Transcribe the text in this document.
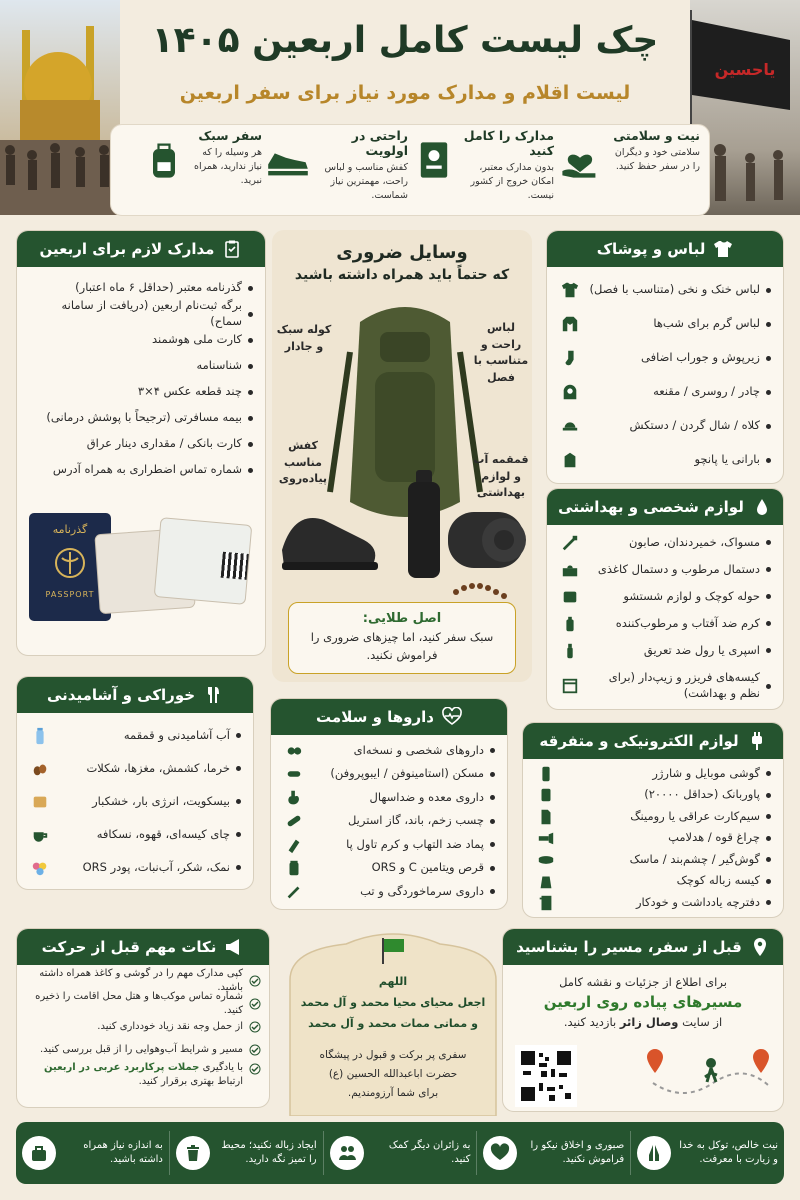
یاحسین
چک لیست کامل اربعین ۱۴۰۵
لیست اقلام و مدارک مورد نیاز برای سفر اربعین
نیت و سلامتی
سلامتی خود و دیگران را در سفر حفظ کنید.
مدارک را کامل کنید
بدون مدارک معتبر، امکان خروج از کشور نیست.
راحتی در اولویت
کفش مناسب و لباس راحت، مهمترین نیاز شماست.
سفر سبک
هر وسیله را که نیاز ندارید، همراه نبرید.
مدارک لازم برای اربعین
گذرنامه معتبر (حداقل ۶ ماه اعتبار)
برگه ثبت‌نام اربعین (دریافت از سامانه سماح)
کارت ملی هوشمند
شناسنامه
چند قطعه عکس ۴×۳
بیمه مسافرتی (ترجیحاً با پوشش درمانی)
کارت بانکی / مقداری دینار عراق
شماره تماس اضطراری به همراه آدرس
گذرنامه
PASSPORT
وسایل ضروری
که حتماً باید همراه داشته باشید
کوله سبک و جادار
لباس راحت و متناسب با فصل
کفش مناسب پیاده‌روی
قمقمه آب و لوازم بهداشتی
اصل طلایی:
سبک سفر کنید، اما چیزهای ضروری را فراموش نکنید.
لباس و پوشاک
لباس خنک و نخی (متناسب با فصل)
لباس گرم برای شب‌ها
زیرپوش و جوراب اضافی
چادر / روسری / مقنعه
کلاه / شال گردن / دستکش
بارانی یا پانچو
لوازم شخصی و بهداشتی
مسواک، خمیردندان، صابون
دستمال مرطوب و دستمال کاغذی
حوله کوچک و لوازم شستشو
کرم ضد آفتاب و مرطوب‌کننده
اسپری یا رول ضد تعریق
کیسه‌های فریزر و زیپ‌دار (برای نظم و بهداشت)
خوراکی و آشامیدنی
آب آشامیدنی و قمقمه
خرما، کشمش، مغزها، شکلات
بیسکویت، انرژی بار، خشکبار
چای کیسه‌ای، قهوه، نسکافه
نمک، شکر، آب‌نبات، پودر ORS
داروها و سلامت
داروهای شخصی و نسخه‌ای
مسکن (استامینوفن / ایبوپروفن)
داروی معده و ضداسهال
چسب زخم، باند، گاز استریل
پماد ضد التهاب و کرم تاول پا
قرص ویتامین C و ORS
داروی سرماخوردگی و تب
لوازم الکترونیکی و متفرقه
گوشی موبایل و شارژر
پاوربانک (حداقل ۲۰۰۰۰)
سیم‌کارت عراقی یا رومینگ
چراغ قوه / هدلامپ
گوش‌گیر / چشم‌بند / ماسک
کیسه زباله کوچک
دفترچه یادداشت و خودکار
نکات مهم قبل از حرکت
کپی مدارک مهم را در گوشی و کاغذ همراه داشته باشید.
شماره تماس موکب‌ها و هتل محل اقامت را ذخیره کنید.
از حمل وجه نقد زیاد خودداری کنید.
مسیر و شرایط آب‌وهوایی را از قبل بررسی کنید.
با یادگیری جملات پرکاربرد عربی در اربعین
ارتباط بهتری برقرار کنید.
اللهم
اجعل محیای محیا محمد و آل محمد
و مماتی ممات محمد و آل محمد
سفری پر برکت و قبول در پیشگاه
حضرت اباعبدالله الحسین (ع)
برای شما آرزومندیم.
قبل از سفر، مسیر را بشناسید
برای اطلاع از جزئیات و نقشه کامل
مسیرهای پیاده روی اربعین
از سایت وصال زائر بازدید کنید.
نیت خالص، توکل به خدا و زیارت با معرفت.
صبوری و اخلاق نیکو را فراموش نکنید.
به زائران دیگر کمک کنید.
ایجاد زباله نکنید؛ محیط را تمیز نگه دارید.
به اندازه نیاز همراه داشته باشید.
